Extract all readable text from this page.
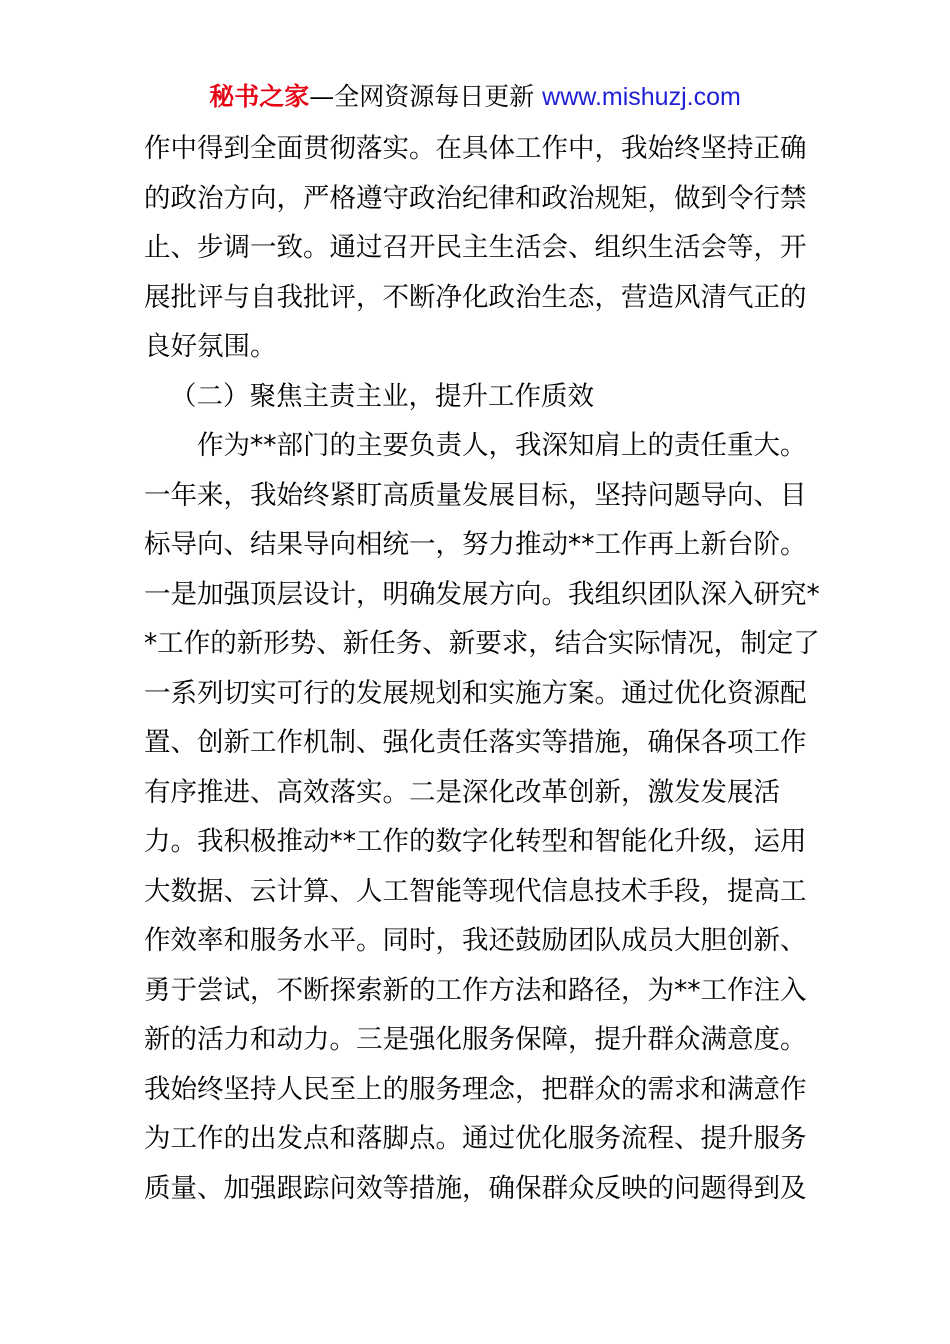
秘书之家—全网资源每日更新 www.mishuzj.com
作中得到全面贯彻落实。在具体工作中，我始终坚持正确
的政治方向，严格遵守政治纪律和政治规矩，做到令行禁
止、步调一致。通过召开民主生活会、组织生活会等，开
展批评与自我批评，不断净化政治生态，营造风清气正的
良好氛围。
（二）聚焦主责主业，提升工作质效
作为**部门的主要负责人，我深知肩上的责任重大。
一年来，我始终紧盯高质量发展目标，坚持问题导向、目
标导向、结果导向相统一，努力推动**工作再上新台阶。
一是加强顶层设计，明确发展方向。我组织团队深入研究*
*工作的新形势、新任务、新要求，结合实际情况，制定了
一系列切实可行的发展规划和实施方案。通过优化资源配
置、创新工作机制、强化责任落实等措施，确保各项工作
有序推进、高效落实。二是深化改革创新，激发发展活
力。我积极推动**工作的数字化转型和智能化升级，运用
大数据、云计算、人工智能等现代信息技术手段，提高工
作效率和服务水平。同时，我还鼓励团队成员大胆创新、
勇于尝试，不断探索新的工作方法和路径，为**工作注入
新的活力和动力。三是强化服务保障，提升群众满意度。
我始终坚持人民至上的服务理念，把群众的需求和满意作
为工作的出发点和落脚点。通过优化服务流程、提升服务
质量、加强跟踪问效等措施，确保群众反映的问题得到及
